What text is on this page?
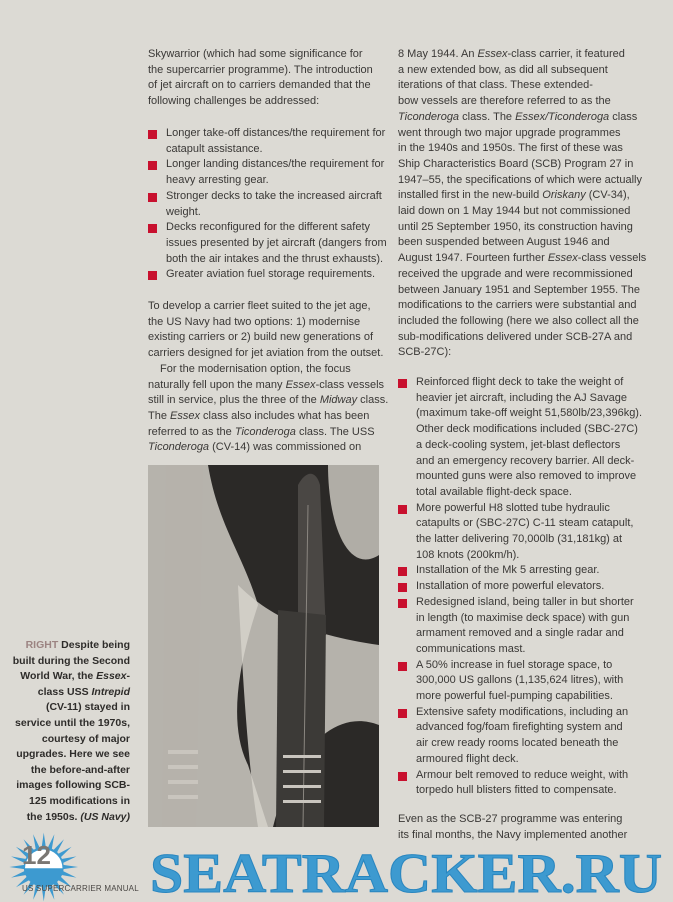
Skywarrior (which had some significance for
the supercarrier programme). The introduction
of jet aircraft on to carriers demanded that the
following challenges be addressed:
Longer take-off distances/the requirement for
catapult assistance.
Longer landing distances/the requirement for
heavy arresting gear.
Stronger decks to take the increased aircraft
weight.
Decks reconfigured for the different safety
issues presented by jet aircraft (dangers from
both the air intakes and the thrust exhausts).
Greater aviation fuel storage requirements.
To develop a carrier fleet suited to the jet age,
the US Navy had two options: 1) modernise
existing carriers or 2) build new generations of
carriers designed for jet aviation from the outset.
For the modernisation option, the focus
naturally fell upon the many Essex-class vessels
still in service, plus the three of the Midway class.
The Essex class also includes what has been
referred to as the Ticonderoga class. The USS
Ticonderoga (CV-14) was commissioned on
8 May 1944. An Essex-class carrier, it featured
a new extended bow, as did all subsequent
iterations of that class. These extended-
bow vessels are therefore referred to as the
Ticonderoga class. The Essex/Ticonderoga class
went through two major upgrade programmes
in the 1940s and 1950s. The first of these was
Ship Characteristics Board (SCB) Program 27 in
1947–55, the specifications of which were actually
installed first in the new-build Oriskany (CV-34),
laid down on 1 May 1944 but not commissioned
until 25 September 1950, its construction having
been suspended between August 1946 and
August 1947. Fourteen further Essex-class vessels
received the upgrade and were recommissioned
between January 1951 and September 1955. The
modifications to the carriers were substantial and
included the following (here we also collect all the
sub-modifications delivered under SCB-27A and
SCB-27C):
Reinforced flight deck to take the weight of
heavier jet aircraft, including the AJ Savage
(maximum take-off weight 51,580lb/23,396kg).
Other deck modifications included (SBC-27C)
a deck-cooling system, jet-blast deflectors
and an emergency recovery barrier. All deck-
mounted guns were also removed to improve
total available flight-deck space.
More powerful H8 slotted tube hydraulic
catapults or (SBC-27C) C-11 steam catapult,
the latter delivering 70,000lb (31,181kg) at
108 knots (200km/h).
Installation of the Mk 5 arresting gear.
Installation of more powerful elevators.
Redesigned island, being taller in but shorter
in length (to maximise deck space) with gun
armament removed and a single radar and
communications mast.
A 50% increase in fuel storage space, to
300,000 US gallons (1,135,624 litres), with
more powerful fuel-pumping capabilities.
Extensive safety modifications, including an
advanced fog/foam firefighting system and
air crew ready rooms located beneath the
armoured flight deck.
Armour belt removed to reduce weight, with
torpedo hull blisters fitted to compensate.
Even as the SCB-27 programme was entering
its final months, the Navy implemented another
RIGHT Despite being
built during the Second
World War, the Essex-
class USS Intrepid
(CV-11) stayed in
service until the 1970s,
courtesy of major
upgrades. Here we see
the before-and-after
images following SCB-
125 modifications in
the 1950s. (US Navy)
SEATRACKER.RU
12
US SUPERCARRIER MANUAL
